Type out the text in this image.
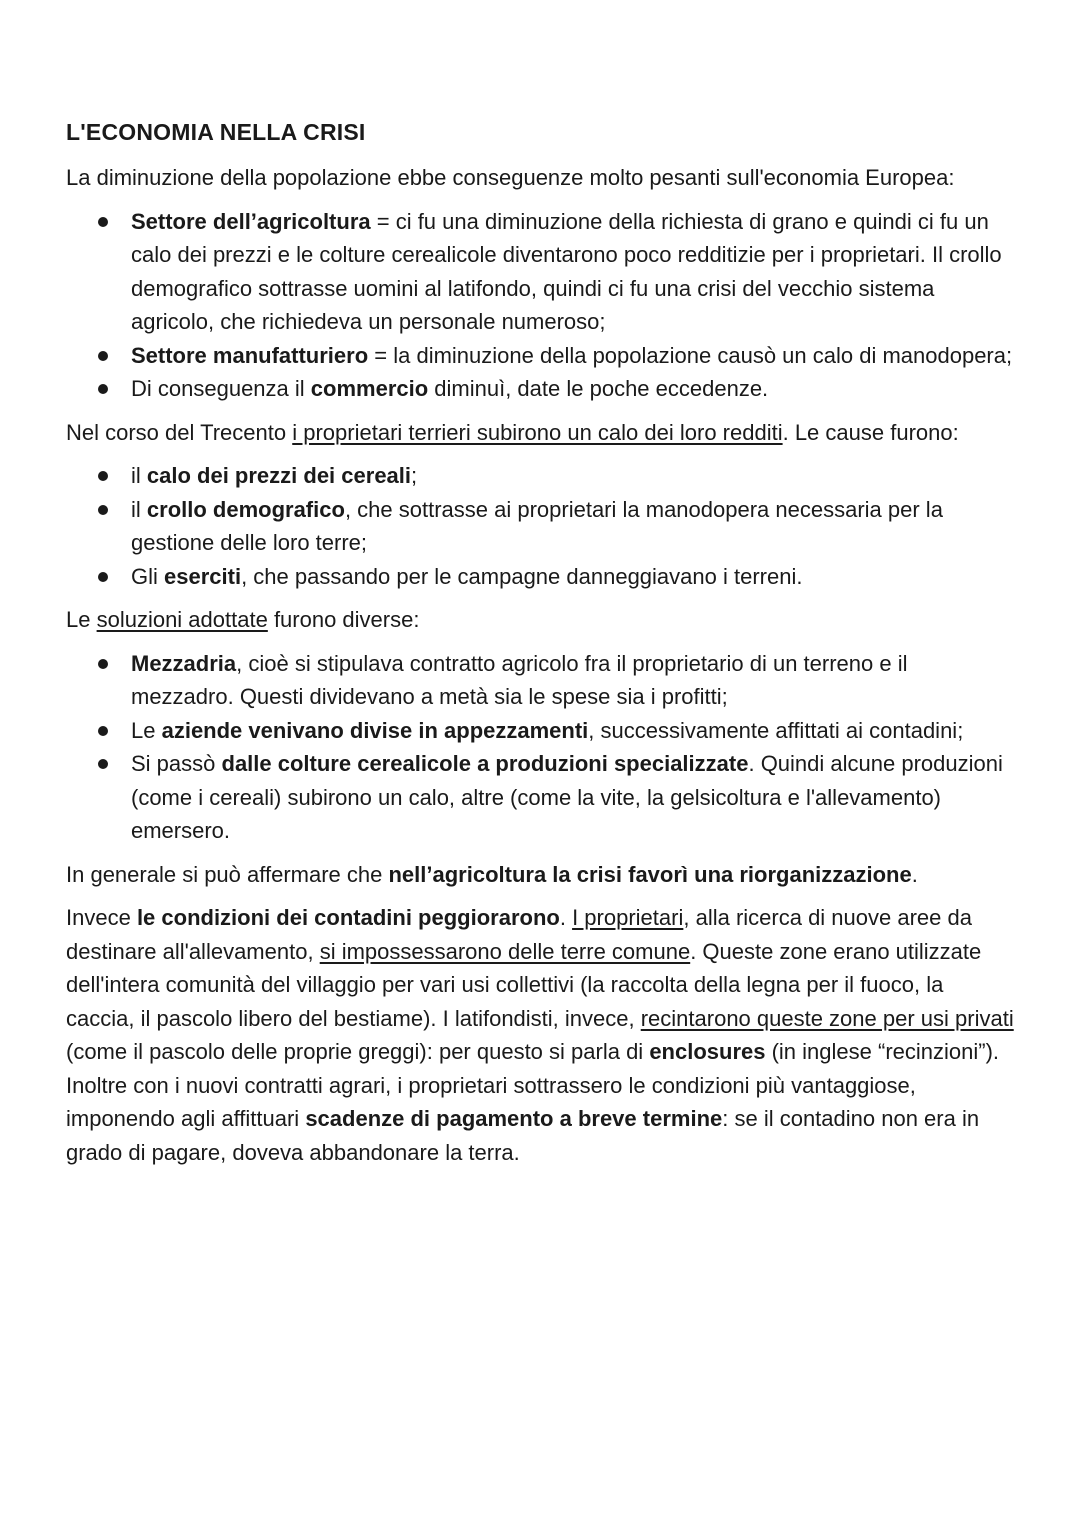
L'ECONOMIA NELLA CRISI

La diminuzione della popolazione ebbe conseguenze molto pesanti sull'economia Europea:

Settore dell’agricoltura = ci fu una diminuzione della richiesta di grano e quindi ci fu un calo dei prezzi e le colture cerealicole diventarono poco redditizie per i proprietari. Il crollo demografico sottrasse uomini al latifondo, quindi ci fu una crisi del vecchio sistema agricolo, che richiedeva un personale numeroso;
Settore manufatturiero = la diminuzione della popolazione causò un calo di manodopera;
Di conseguenza il commercio diminuì, date le poche eccedenze.

Nel corso del Trecento i proprietari terrieri subirono un calo dei loro redditi. Le cause furono:

il calo dei prezzi dei cereali;
il crollo demografico, che sottrasse ai proprietari la manodopera necessaria per la gestione delle loro terre;
Gli eserciti, che passando per le campagne danneggiavano i terreni.

Le soluzioni adottate furono diverse:

Mezzadria, cioè si stipulava contratto agricolo fra il proprietario di un terreno e il mezzadro. Questi dividevano a metà sia le spese sia i profitti;
Le aziende venivano divise in appezzamenti, successivamente affittati ai contadini;
Si passò dalle colture cerealicole a produzioni specializzate. Quindi alcune produzioni (come i cereali) subirono un calo, altre (come la vite, la gelsicoltura e l'allevamento) emersero.

In generale si può affermare che nell’agricoltura la crisi favorì una riorganizzazione.

Invece le condizioni dei contadini peggiorarono. I proprietari, alla ricerca di nuove aree da destinare all'allevamento, si impossessarono delle terre comune. Queste zone erano utilizzate dell'intera comunità del villaggio per vari usi collettivi (la raccolta della legna per il fuoco, la caccia, il pascolo libero del bestiame). I latifondisti, invece, recintarono queste zone per usi privati (come il pascolo delle proprie greggi): per questo si parla di enclosures (in inglese “recinzioni”). Inoltre con i nuovi contratti agrari, i proprietari sottrassero le condizioni più vantaggiose, imponendo agli affittuari scadenze di pagamento a breve termine: se il contadino non era in grado di pagare, doveva abbandonare la terra.
